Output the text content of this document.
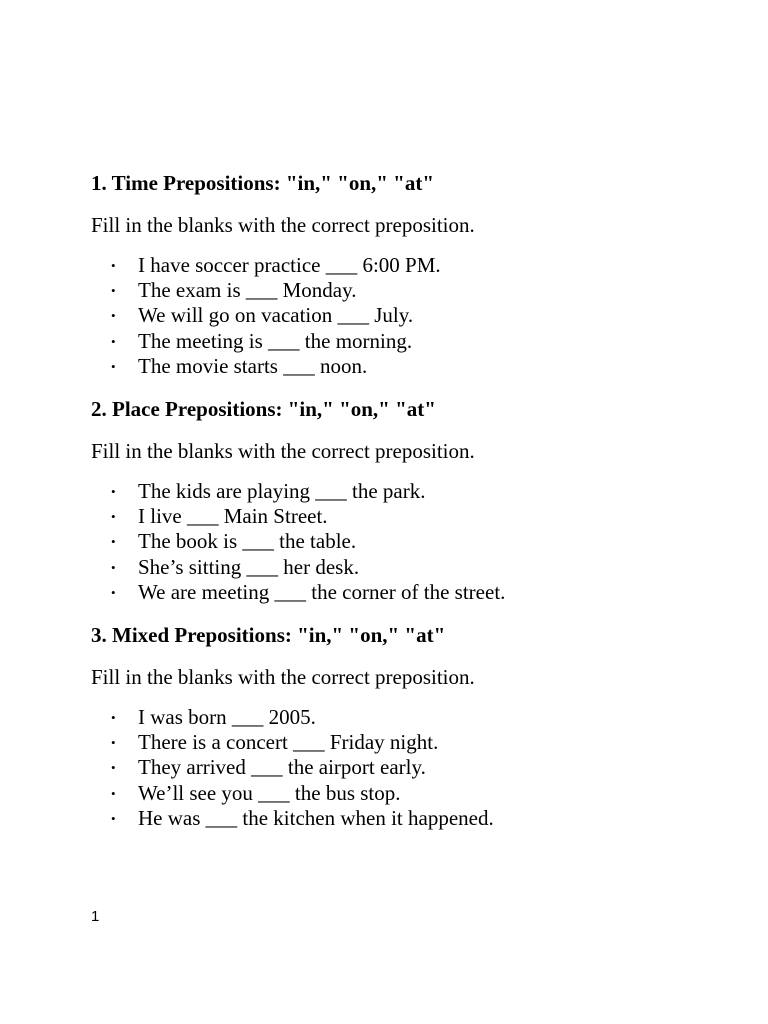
1. Time Prepositions: "in," "on," "at"

Fill in the blanks with the correct preposition.

• I have soccer practice ___ 6:00 PM.
• The exam is ___ Monday.
• We will go on vacation ___ July.
• The meeting is ___ the morning.
• The movie starts ___ noon.

2. Place Prepositions: "in," "on," "at"

Fill in the blanks with the correct preposition.

• The kids are playing ___ the park.
• I live ___ Main Street.
• The book is ___ the table.
• She’s sitting ___ her desk.
• We are meeting ___ the corner of the street.

3. Mixed Prepositions: "in," "on," "at"

Fill in the blanks with the correct preposition.

• I was born ___ 2005.
• There is a concert ___ Friday night.
• They arrived ___ the airport early.
• We’ll see you ___ the bus stop.
• He was ___ the kitchen when it happened.
1
